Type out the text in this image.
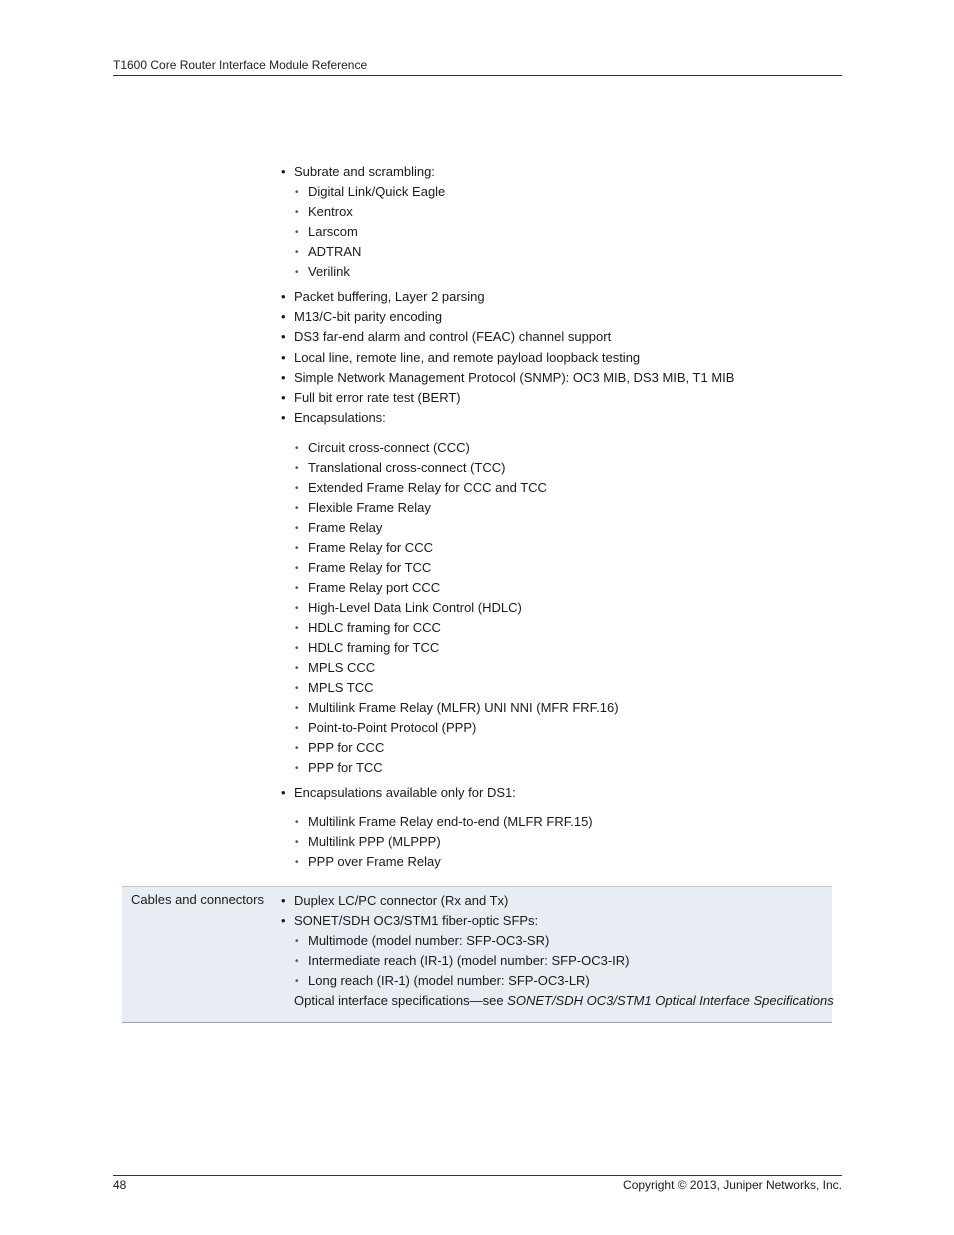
T1600 Core Router Interface Module Reference
• Subrate and scrambling:
• Digital Link/Quick Eagle
• Kentrox
• Larscom
• ADTRAN
• Verilink
• Packet buffering, Layer 2 parsing
• M13/C-bit parity encoding
• DS3 far-end alarm and control (FEAC) channel support
• Local line, remote line, and remote payload loopback testing
• Simple Network Management Protocol (SNMP): OC3 MIB, DS3 MIB, T1 MIB
• Full bit error rate test (BERT)
• Encapsulations:
• Circuit cross-connect (CCC)
• Translational cross-connect (TCC)
• Extended Frame Relay for CCC and TCC
• Flexible Frame Relay
• Frame Relay
• Frame Relay for CCC
• Frame Relay for TCC
• Frame Relay port CCC
• High-Level Data Link Control (HDLC)
• HDLC framing for CCC
• HDLC framing for TCC
• MPLS CCC
• MPLS TCC
• Multilink Frame Relay (MLFR) UNI NNI (MFR FRF.16)
• Point-to-Point Protocol (PPP)
• PPP for CCC
• PPP for TCC
• Encapsulations available only for DS1:
• Multilink Frame Relay end-to-end (MLFR FRF.15)
• Multilink PPP (MLPPP)
• PPP over Frame Relay
Cables and connectors • Duplex LC/PC connector (Rx and Tx)
• SONET/SDH OC3/STM1 fiber-optic SFPs:
• Multimode (model number: SFP-OC3-SR)
• Intermediate reach (IR-1) (model number: SFP-OC3-IR)
• Long reach (IR-1) (model number: SFP-OC3-LR)
Optical interface specifications—see SONET/SDH OC3/STM1 Optical Interface Specifications
48	Copyright © 2013, Juniper Networks, Inc.
